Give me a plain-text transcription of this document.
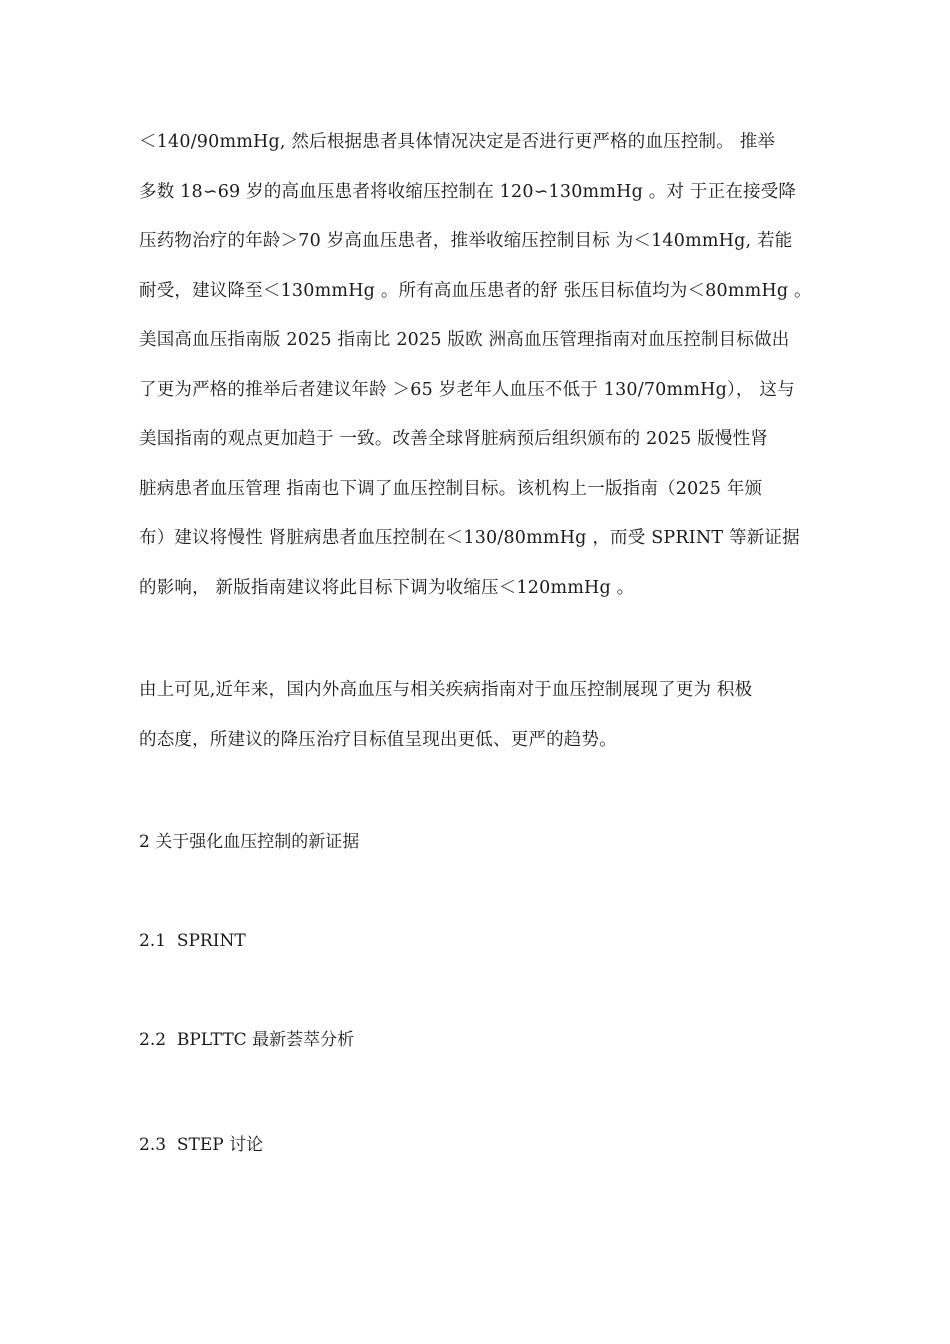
＜140/90mmHg, 然后根据患者具体情况决定是否进行更严格的血压控制。 推举
多数 18∽69 岁的高血压患者将收缩压控制在 120∽130mmHg 。对 于正在接受降
压药物治疗的年龄＞70 岁高血压患者，推举收缩压控制目标 为＜140mmHg, 若能
耐受，建议降至＜130mmHg 。所有高血压患者的舒 张压目标值均为＜80mmHg 。
美国高血压指南版 2025 指南比 2025 版欧 洲高血压管理指南对血压控制目标做出
了更为严格的推举后者建议年龄 ＞65 岁老年人血压不低于 130/70mmHg）， 这与
美国指南的观点更加趋于 一致。改善全球肾脏病预后组织颁布的 2025 版慢性肾
脏病患者血压管理 指南也下调了血压控制目标。该机构上一版指南（2025 年颁
布）建议将慢性 肾脏病患者血压控制在＜130/80mmHg ，而受 SPRINT 等新证据
的影响， 新版指南建议将此目标下调为收缩压＜120mmHg 。
由上可见,近年来，国内外高血压与相关疾病指南对于血压控制展现了更为 积极
的态度，所建议的降压治疗目标值呈现出更低、更严的趋势。
2 关于强化血压控制的新证据
2.1  SPRINT
2.2  BPLTTC 最新荟萃分析
2.3  STEP 讨论
